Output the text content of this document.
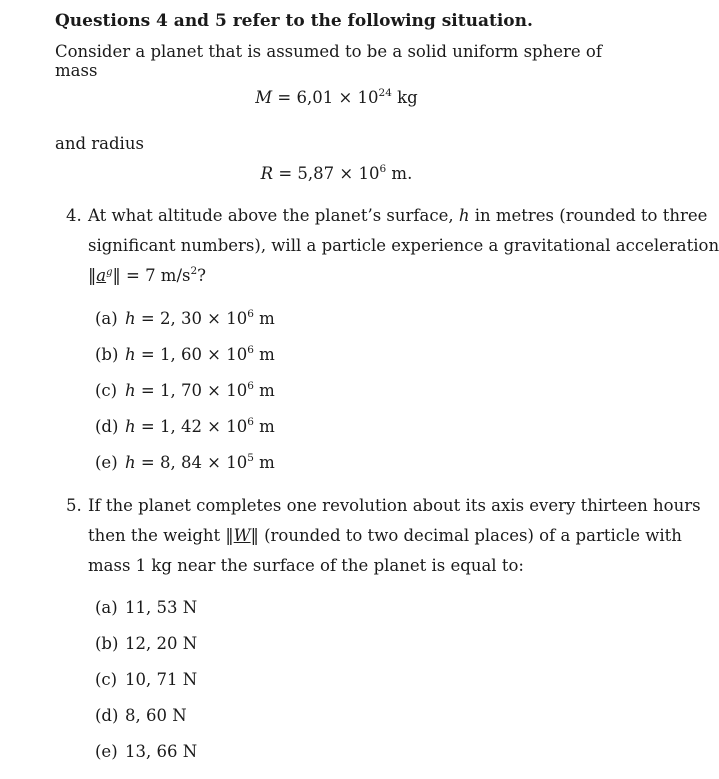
Questions 4 and 5 refer to the following situation.
Consider a planet that is assumed to be a solid uniform sphere of mass
$M = 6,01 \times 10^{24}$ kg
and radius
$R = 5,87 \times 10^6$ m.
4. At what altitude above the planet’s surface, h in metres (rounded to three
significant numbers), will a particle experience a gravitational acceleration
$‖a^g‖ = 7$ $m/s^2$?
(a) h = 2, $30 \times 10^6$ m
(b) h = 1, $60 \times 10^6$ m
(c) h = 1, $70 \times 10^6$ m
(d) h = 1, $42 \times 10^6$ m
(e) h = 8, $84 \times 10^5$ m
5. If the planet completes one revolution about its axis every thirteen hours
then the weight ‖W‖ (rounded to two decimal places) of a particle with
mass 1 kg near the surface of the planet is equal to:
(a) 11, 53 N
(b) 12, 20 N
(c) 10, 71 N
(d) 8, 60 N
(e) 13, 66 N
